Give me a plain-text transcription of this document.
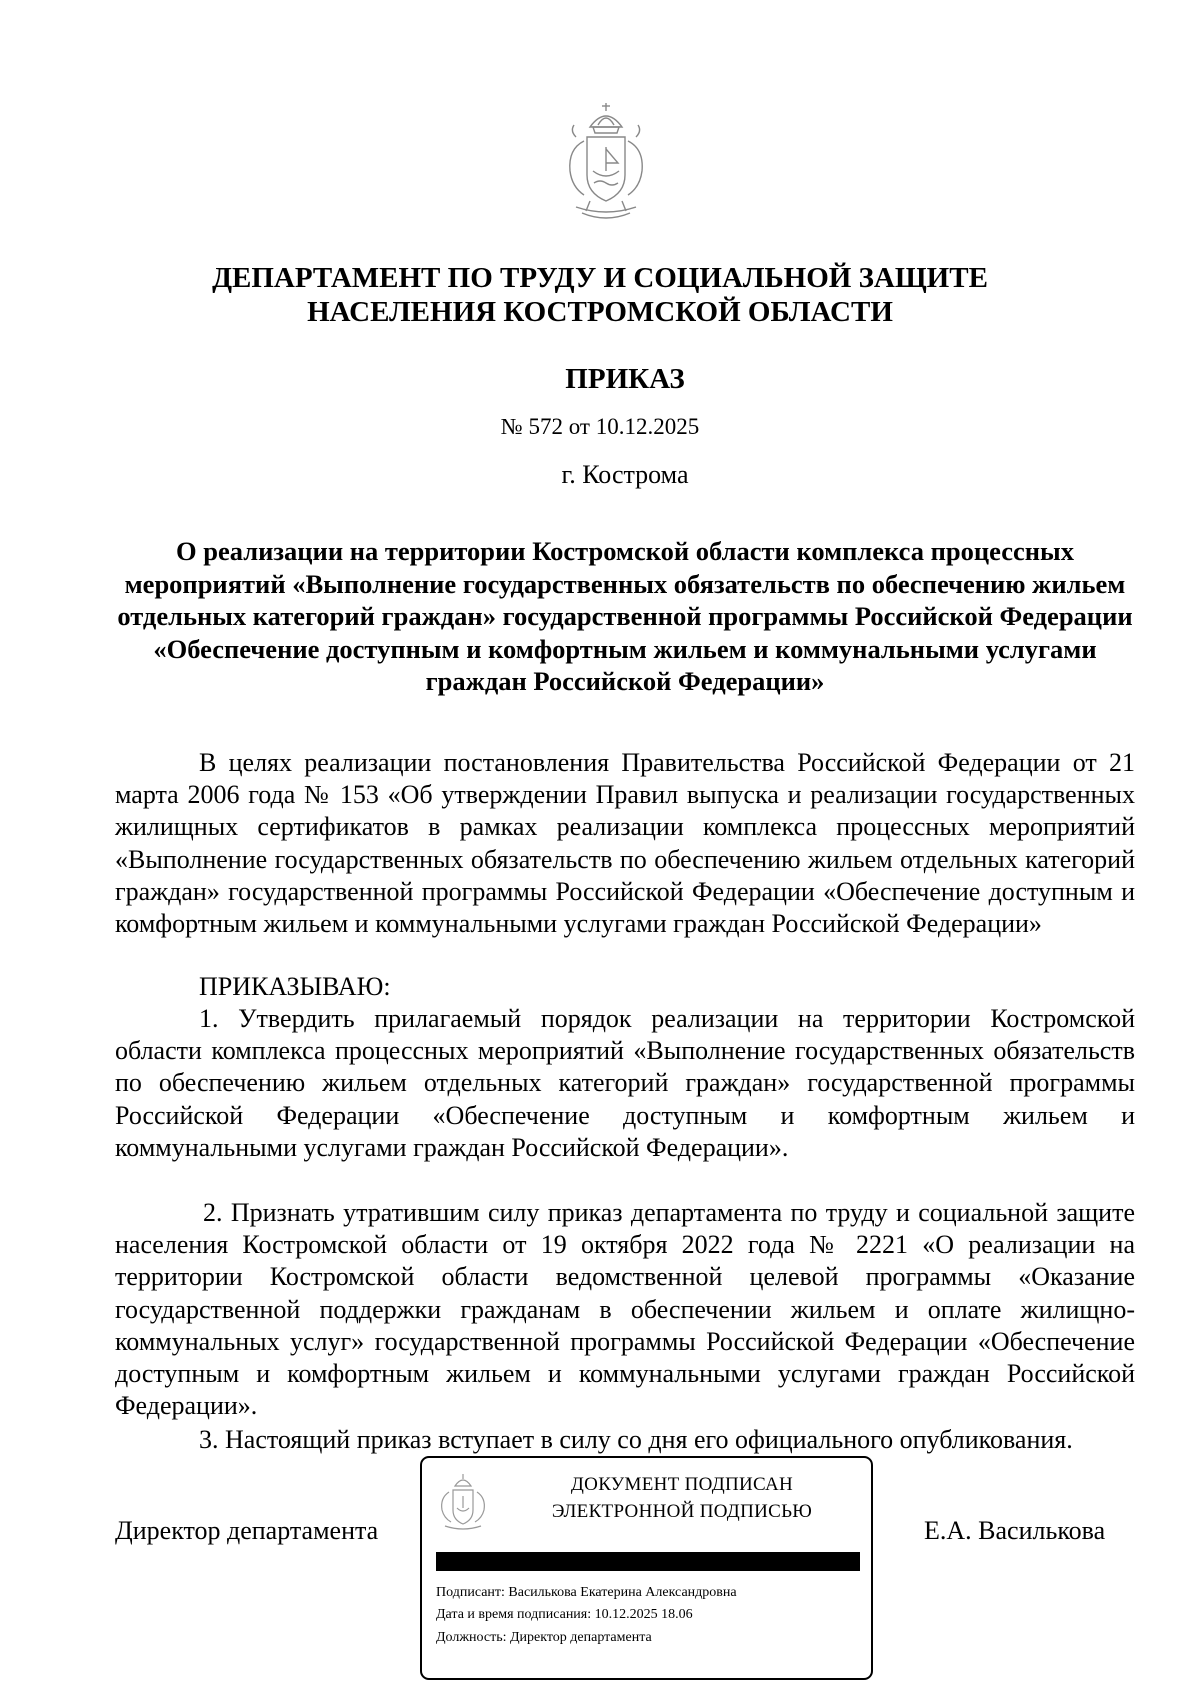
ДЕПАРТАМЕНТ ПО ТРУДУ И СОЦИАЛЬНОЙ ЗАЩИТЕ
НАСЕЛЕНИЯ КОСТРОМСКОЙ ОБЛАСТИ
ПРИКАЗ
№ 572 от 10.12.2025
г. Кострома

О реализации на территории Костромской области комплекса процессных мероприятий «Выполнение государственных обязательств по обеспечению жильем отдельных категорий граждан» государственной программы Российской Федерации «Обеспечение доступным и комфортным жильем и коммунальными услугами граждан Российской Федерации»

В целях реализации постановления Правительства Российской Федерации от 21 марта 2006 года № 153 «Об утверждении Правил выпуска и реализации государственных жилищных сертификатов в рамках реализации комплекса процессных мероприятий «Выполнение государственных обязательств по обеспечению жильем отдельных категорий граждан» государственной программы Российской Федерации «Обеспечение доступным и комфортным жильем и коммунальными услугами граждан Российской Федерации»

ПРИКАЗЫВАЮ:

1. Утвердить прилагаемый порядок реализации на территории Костромской области комплекса процессных мероприятий «Выполнение государственных обязательств по обеспечению жильем отдельных категорий граждан» государственной программы Российской Федерации «Обеспечение доступным и комфортным жильем и коммунальными услугами граждан Российской Федерации».

2. Признать утратившим силу приказ департамента по труду и социальной защите населения Костромской области от 19 октября 2022 года № 2221 «О реализации на территории Костромской области ведомственной целевой программы «Оказание государственной поддержки гражданам в обеспечении жильем и оплате жилищно-коммунальных услуг» государственной программы Российской Федерации «Обеспечение доступным и комфортным жильем и коммунальными услугами граждан Российской Федерации».

3. Настоящий приказ вступает в силу со дня его официального опубликования.

Директор департамента	Е.А. Василькова
ДОКУМЕНТ ПОДПИСАН
ЭЛЕКТРОННОЙ ПОДПИСЬЮ
Подписант: Василькова Екатерина Александровна
Дата и время подписания: 10.12.2025 18.06
Должность: Директор департамента
